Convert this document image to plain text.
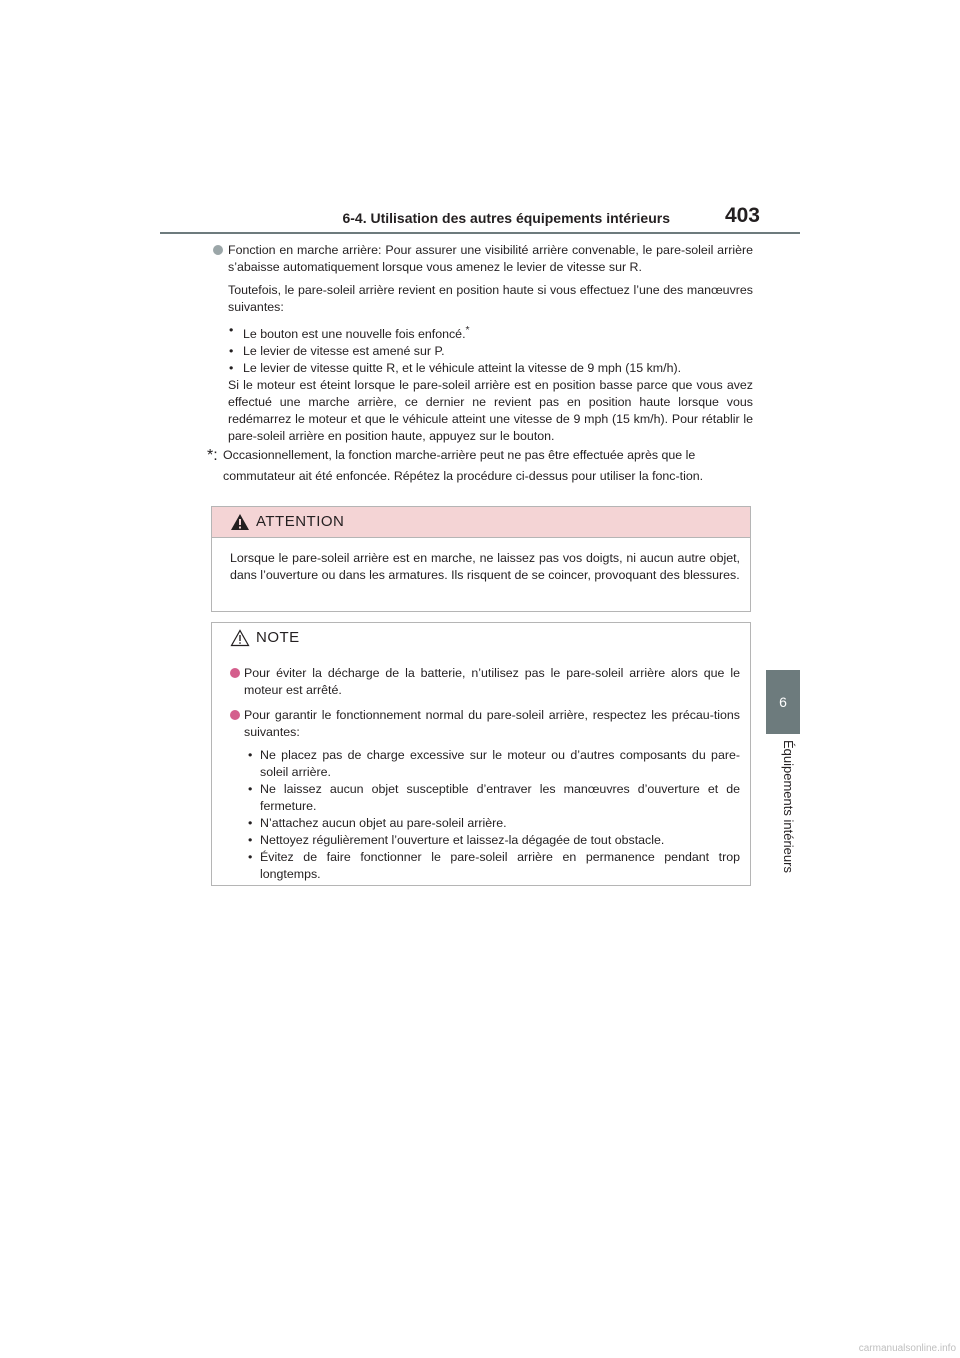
6-4. Utilisation des autres équipements intérieurs	403
6
Équipements intérieurs

Fonction en marche arrière: Pour assurer une visibilité arrière convenable, le pare-soleil arrière s’abaisse automatiquement lorsque vous amenez le levier de vitesse sur R.

Toutefois, le pare-soleil arrière revient en position haute si vous effectuez l’une des manœuvres suivantes:

• Le bouton est une nouvelle fois enfoncé.*
• Le levier de vitesse est amené sur P.
• Le levier de vitesse quitte R, et le véhicule atteint la vitesse de 9 mph (15 km/h).

Si le moteur est éteint lorsque le pare-soleil arrière est en position basse parce que vous avez effectué une marche arrière, ce dernier ne revient pas en position haute lorsque vous redémarrez le moteur et que le véhicule atteint une vitesse de 9 mph (15 km/h). Pour rétablir le pare-soleil arrière en position haute, appuyez sur le bouton.

*: Occasionnellement, la fonction marche-arrière peut ne pas être effectuée après que le commutateur ait été enfoncée. Répétez la procédure ci-dessus pour utiliser la fonc-tion.

ATTENTION

Lorsque le pare-soleil arrière est en marche, ne laissez pas vos doigts, ni aucun autre objet, dans l’ouverture ou dans les armatures. Ils risquent de se coincer, provoquant des blessures.

NOTE

Pour éviter la décharge de la batterie, n’utilisez pas le pare-soleil arrière alors que le moteur est arrêté.

Pour garantir le fonctionnement normal du pare-soleil arrière, respectez les précau-tions suivantes:

• Ne placez pas de charge excessive sur le moteur ou d’autres composants du pare-soleil arrière.

• Ne laissez aucun objet susceptible d’entraver les manœuvres d’ouverture et de fermeture.

• N’attachez aucun objet au pare-soleil arrière.

• Nettoyez régulièrement l’ouverture et laissez-la dégagée de tout obstacle.

• Évitez de faire fonctionner le pare-soleil arrière en permanence pendant trop longtemps.

carmanualsonline.info
